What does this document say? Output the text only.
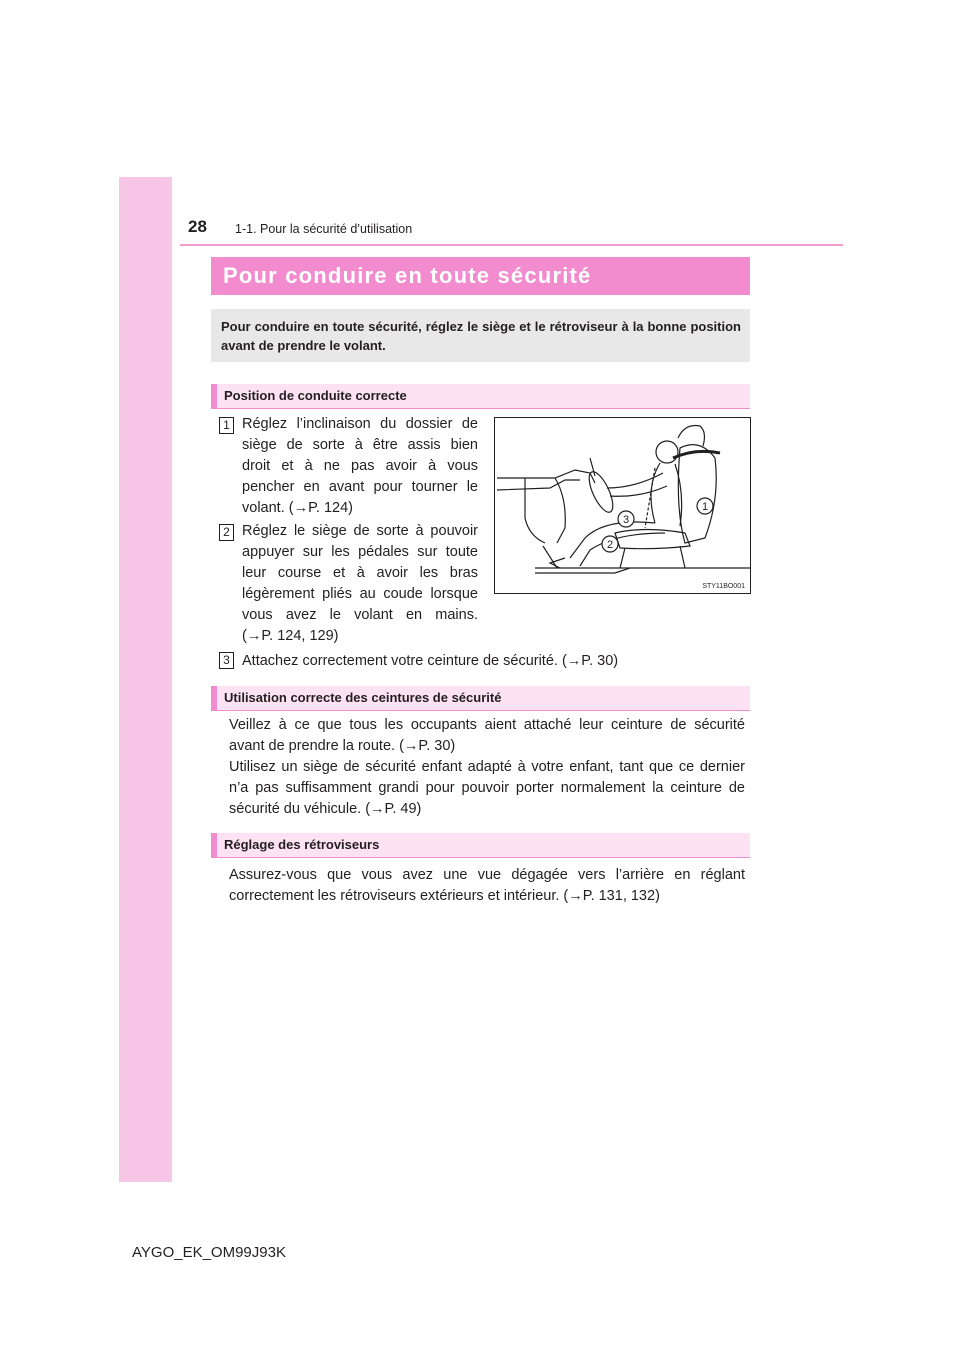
28 1-1. Pour la sécurité d’utilisation
Pour conduire en toute sécurité
Pour conduire en toute sécurité, réglez le siège et le rétroviseur à la bonne position avant de prendre le volant.
Position de conduite correcte
1 Réglez l’inclinaison du dossier de
siège de sorte à être assis bien
droit et à ne pas avoir à vous
pencher en avant pour tourner le
volant. (→P. 124)
2 Réglez le siège de sorte à pouvoir
appuyer sur les pédales sur toute
leur course et à avoir les bras
légèrement pliés au coude lorsque
vous avez le volant en mains.
(→P. 124, 129)
3 Attachez correctement votre ceinture de sécurité. (→P. 30)
1
3
2
STY11BO001
Utilisation correcte des ceintures de sécurité
Veillez à ce que tous les occupants aient attaché leur ceinture de sécurité
avant de prendre la route. (→P. 30)
Utilisez un siège de sécurité enfant adapté à votre enfant, tant que ce dernier
n’a pas suffisamment grandi pour pouvoir porter normalement la ceinture de
sécurité du véhicule. (→P. 49)
Réglage des rétroviseurs
Assurez-vous que vous avez une vue dégagée vers l’arrière en réglant
correctement les rétroviseurs extérieurs et intérieur. (→P. 131, 132)
AYGO_EK_OM99J93K
